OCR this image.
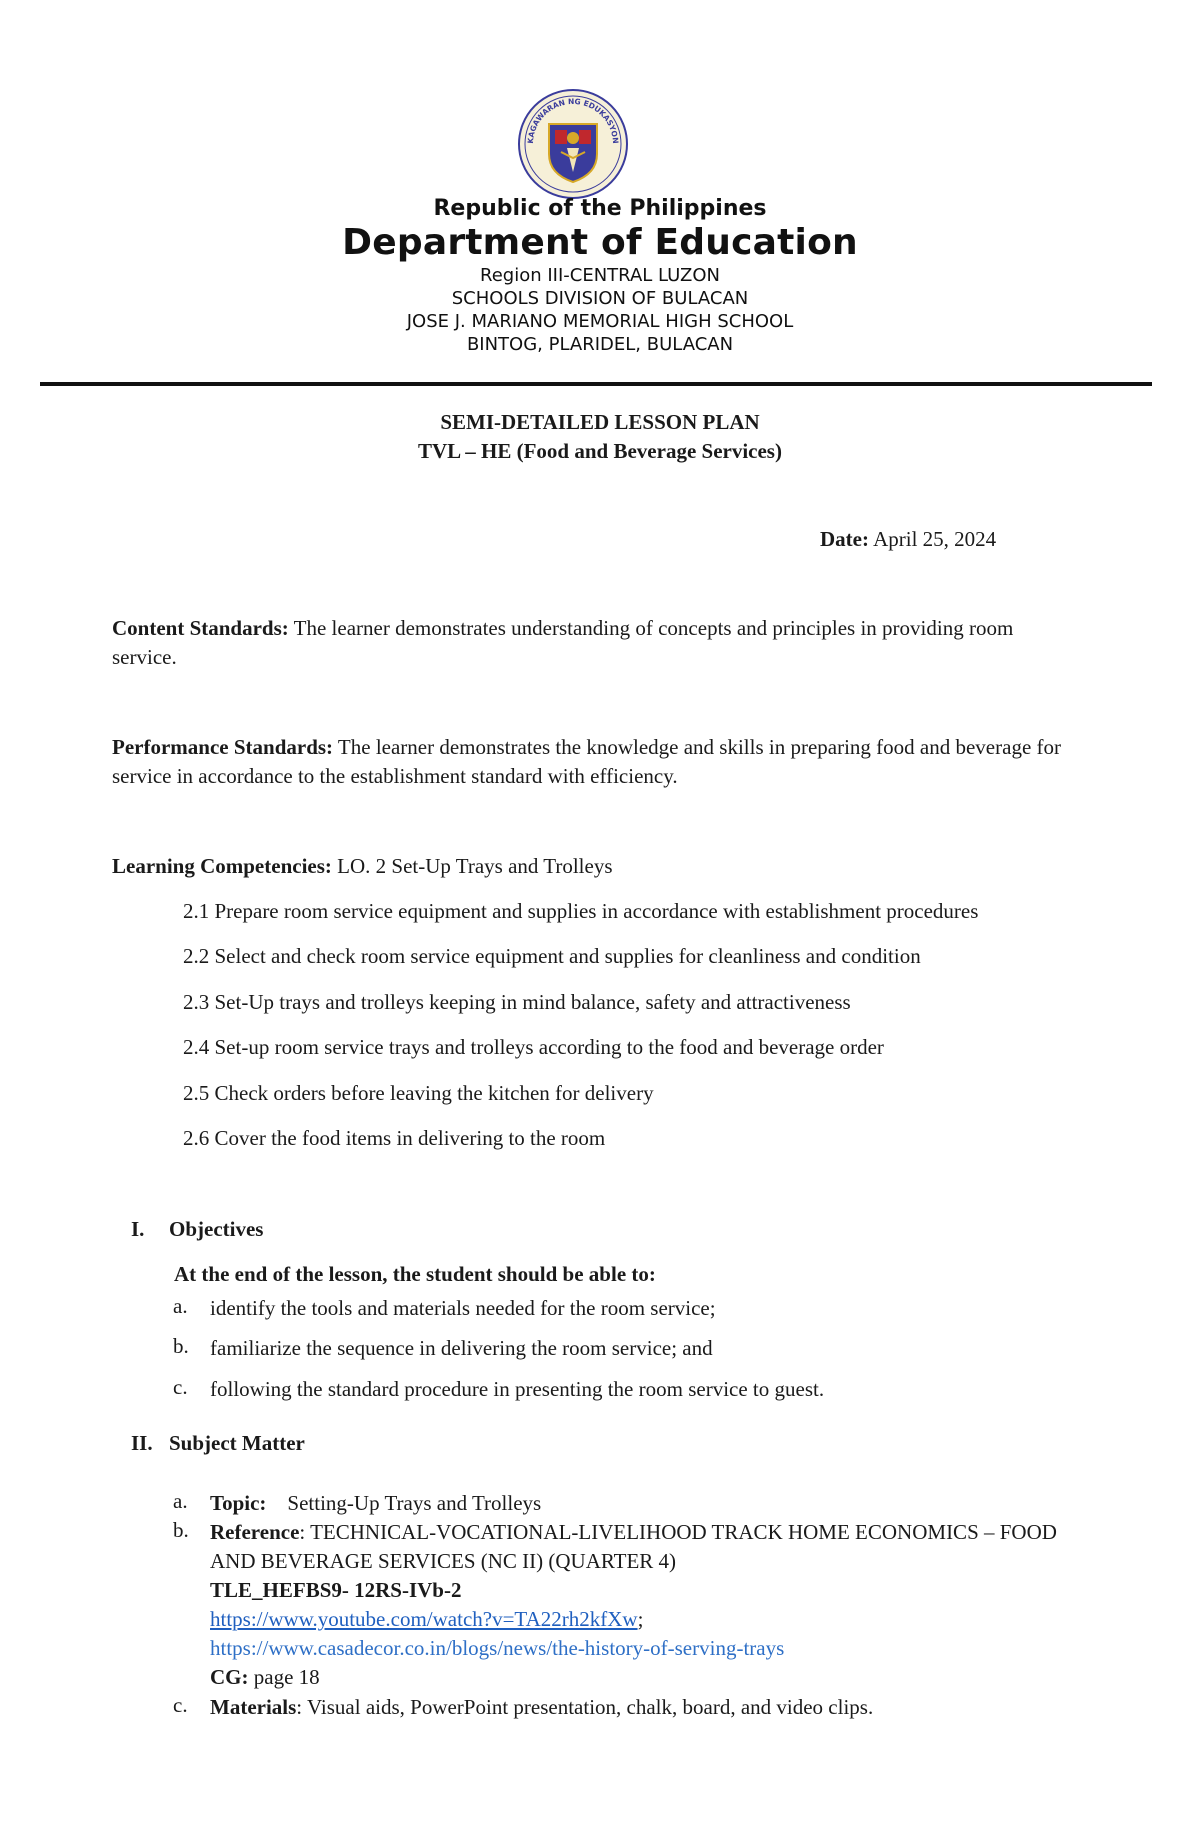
KAGAWARAN NG EDUKASYON
Republic of the Philippines
Department of Education
Region III-CENTRAL LUZON
SCHOOLS DIVISION OF BULACAN
JOSE J. MARIANO MEMORIAL HIGH SCHOOL
BINTOG, PLARIDEL, BULACAN
SEMI-DETAILED LESSON PLAN
TVL – HE (Food and Beverage Services)
Date: April 25, 2024
Content Standards: The learner demonstrates understanding of concepts and principles in providing room service.
Performance Standards: The learner demonstrates the knowledge and skills in preparing food and beverage for service in accordance to the establishment standard with efficiency.
Learning Competencies: LO. 2 Set-Up Trays and Trolleys
2.1 Prepare room service equipment and supplies in accordance with establishment procedures
2.2 Select and check room service equipment and supplies for cleanliness and condition
2.3 Set-Up trays and trolleys keeping in mind balance, safety and attractiveness
2.4 Set-up room service trays and trolleys according to the food and beverage order
2.5 Check orders before leaving the kitchen for delivery
2.6 Cover the food items in delivering to the room
I. Objectives
At the end of the lesson, the student should be able to:
a. identify the tools and materials needed for the room service;
b. familiarize the sequence in delivering the room service; and
c. following the standard procedure in presenting the room service to guest.
II. Subject Matter
a. Topic: Setting-Up Trays and Trolleys
b. Reference: TECHNICAL-VOCATIONAL-LIVELIHOOD TRACK HOME ECONOMICS – FOOD AND BEVERAGE SERVICES (NC II) (QUARTER 4)
TLE_HEFBS9- 12RS-IVb-2
https://www.youtube.com/watch?v=TA22rh2kfXw;
https://www.casadecor.co.in/blogs/news/the-history-of-serving-trays
CG: page 18
c. Materials: Visual aids, PowerPoint presentation, chalk, board, and video clips.
